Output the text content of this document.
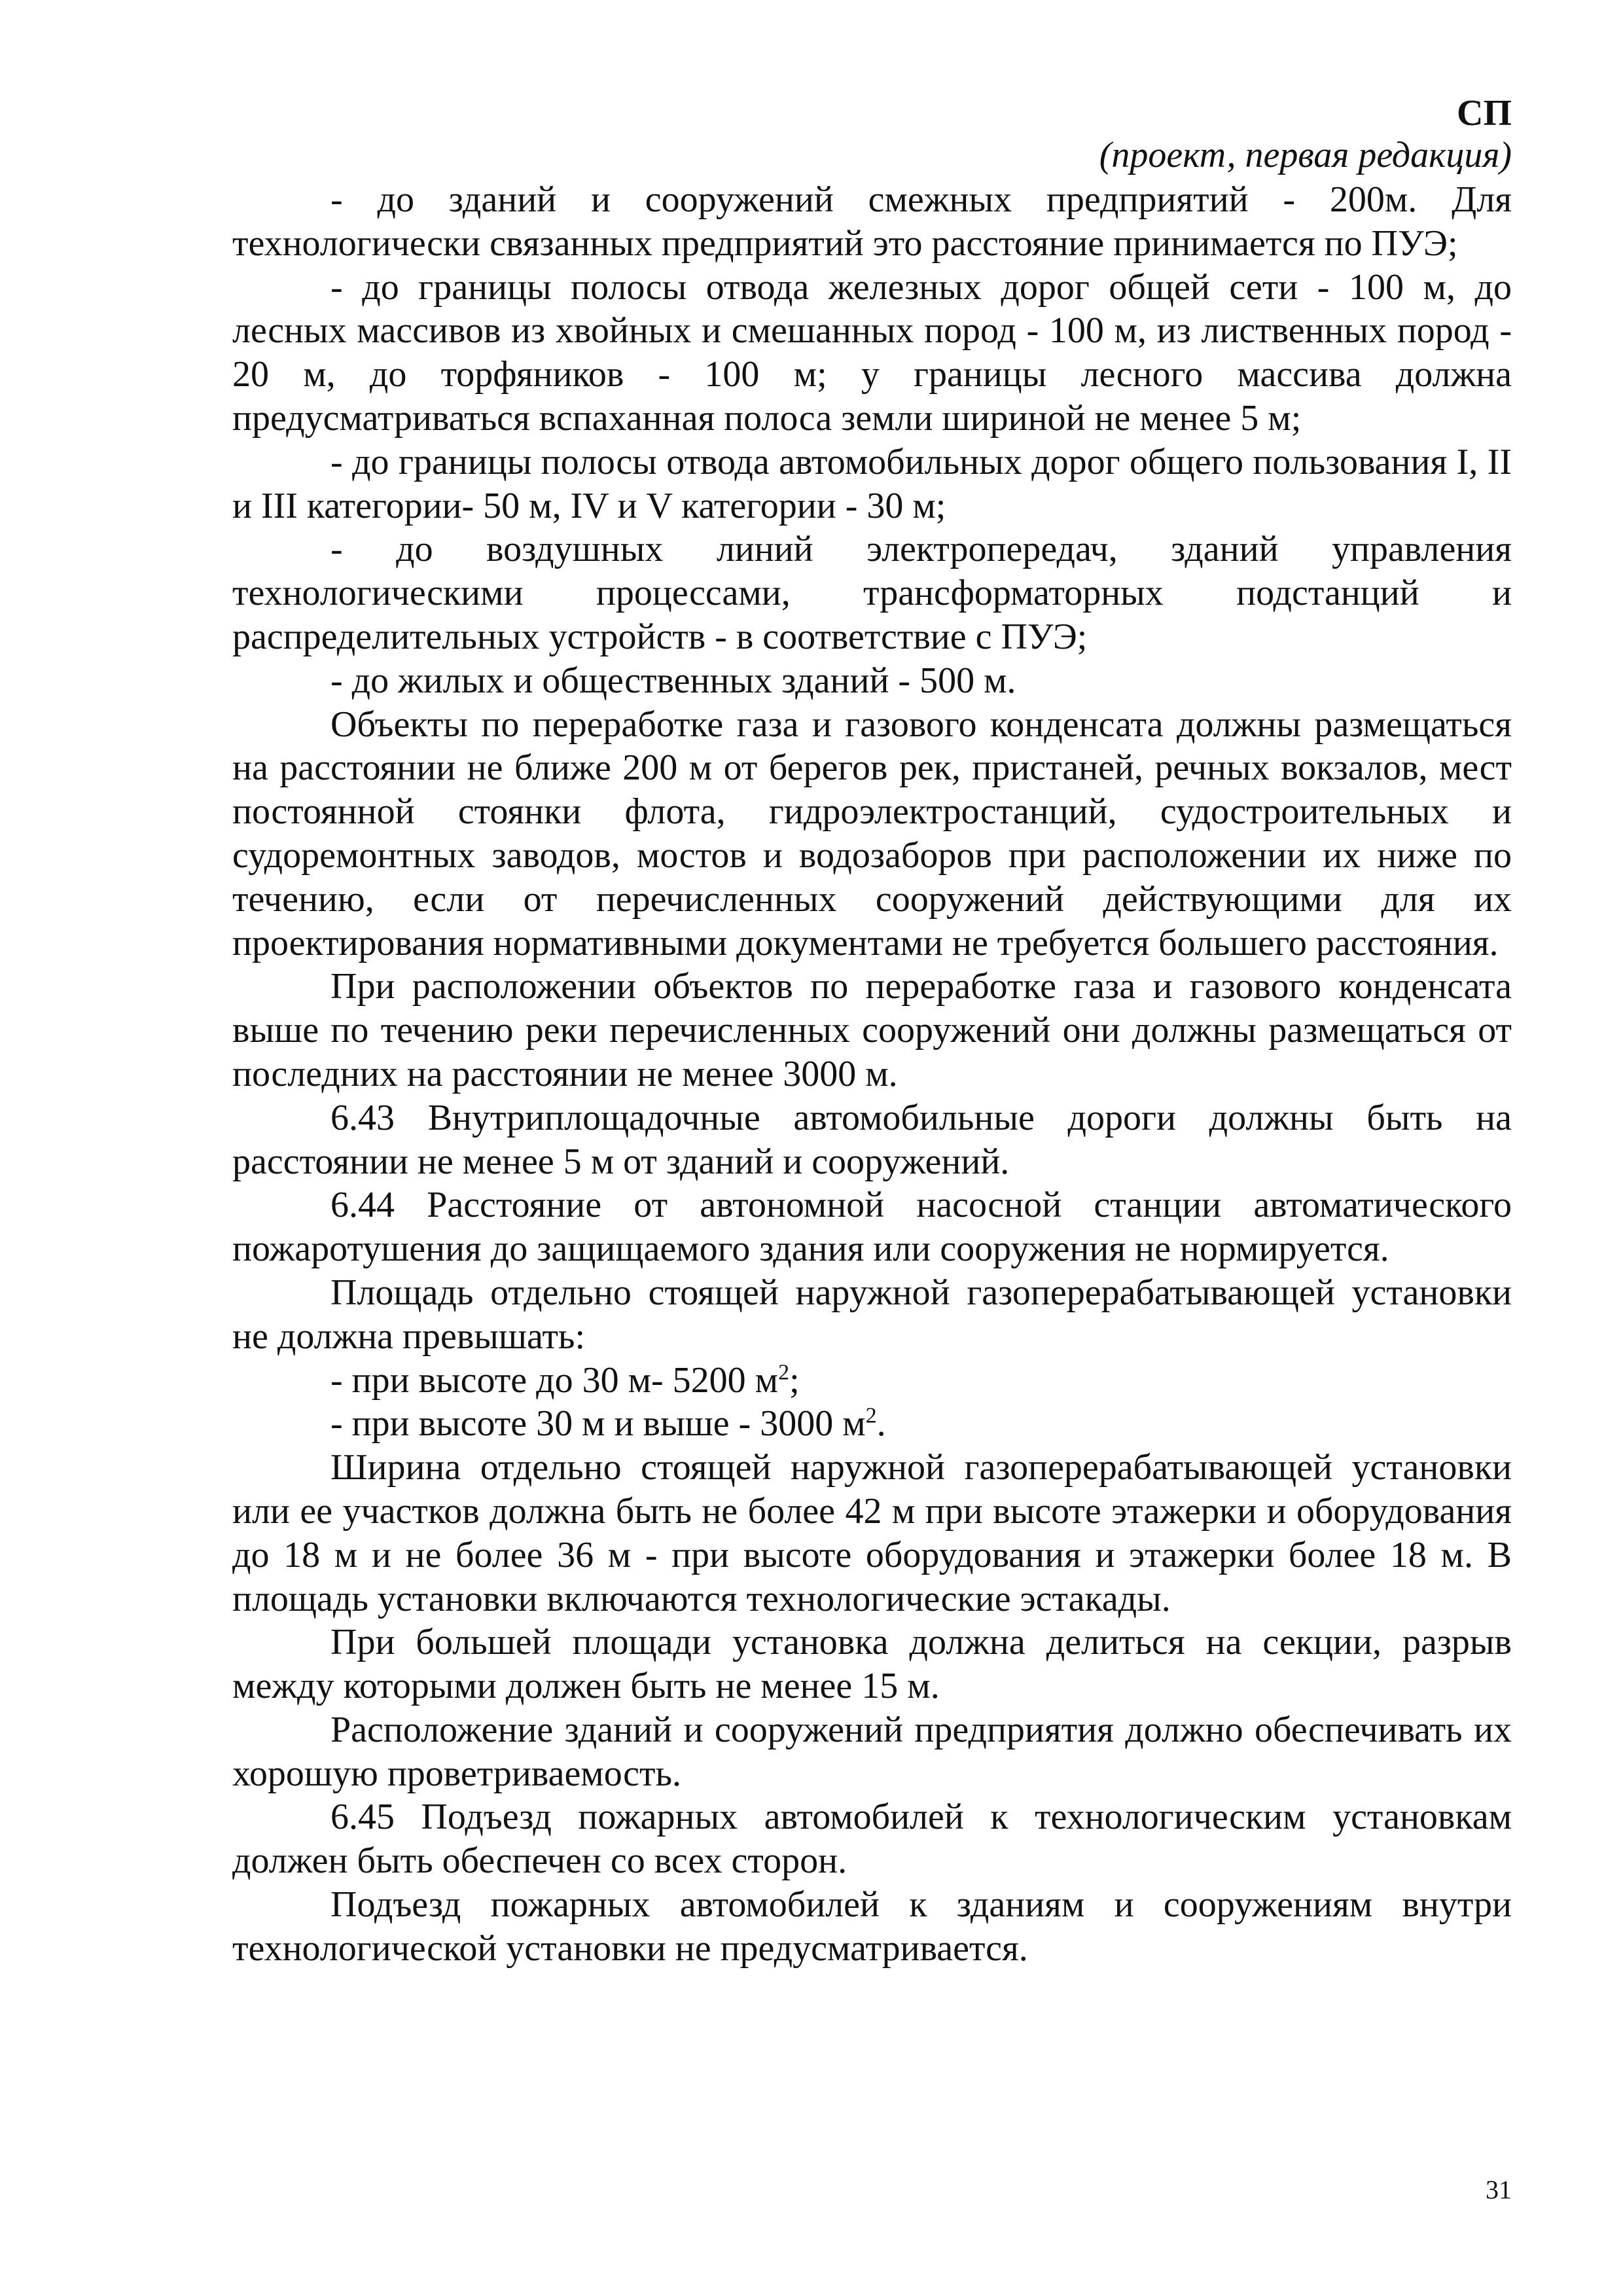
СП

(проект, первая редакция)

- до зданий и сооружений смежных предприятий - 200м. Для технологически связанных предприятий это расстояние принимается по ПУЭ;

- до границы полосы отвода железных дорог общей сети - 100 м, до лесных массивов из хвойных и смешанных пород - 100 м, из лиственных пород - 20 м, до торфяников - 100 м; у границы лесного массива должна предусматриваться вспаханная полоса земли шириной не менее 5 м;

- до границы полосы отвода автомобильных дорог общего пользования I, II и III категории- 50 м, IV и V категории - 30 м;

- до воздушных линий электропередач, зданий управления технологическими процессами, трансформаторных подстанций и распределительных устройств - в соответствие с ПУЭ;

- до жилых и общественных зданий - 500 м.

Объекты по переработке газа и газового конденсата должны размещаться на расстоянии не ближе 200 м от берегов рек, пристаней, речных вокзалов, мест постоянной стоянки флота, гидроэлектростанций, судостроительных и судоремонтных заводов, мостов и водозаборов при расположении их ниже по течению, если от перечисленных сооружений действующими для их проектирования нормативными документами не требуется большего расстояния.

При расположении объектов по переработке газа и газового конденсата выше по течению реки перечисленных сооружений они должны размещаться от последних на расстоянии не менее 3000 м.

6.43 Внутриплощадочные автомобильные дороги должны быть на расстоянии не менее 5 м от зданий и сооружений.

6.44 Расстояние от автономной насосной станции автоматического пожаротушения до защищаемого здания или сооружения не нормируется.

Площадь отдельно стоящей наружной газоперерабатывающей установки не должна превышать:

- при высоте до 30 м- 5200 $м^2$;

- при высоте 30 м и выше - 3000 $м^2$.

Ширина отдельно стоящей наружной газоперерабатывающей установки или ее участков должна быть не более 42 м при высоте этажерки и оборудования до 18 м и не более 36 м - при высоте оборудования и этажерки более 18 м. В площадь установки включаются технологические эстакады.

При большей площади установка должна делиться на секции, разрыв между которыми должен быть не менее 15 м.

Расположение зданий и сооружений предприятия должно обеспечивать их хорошую проветриваемость.

6.45 Подъезд пожарных автомобилей к технологическим установкам должен быть обеспечен со всех сторон.

Подъезд пожарных автомобилей к зданиям и сооружениям внутри технологической установки не предусматривается.

31
